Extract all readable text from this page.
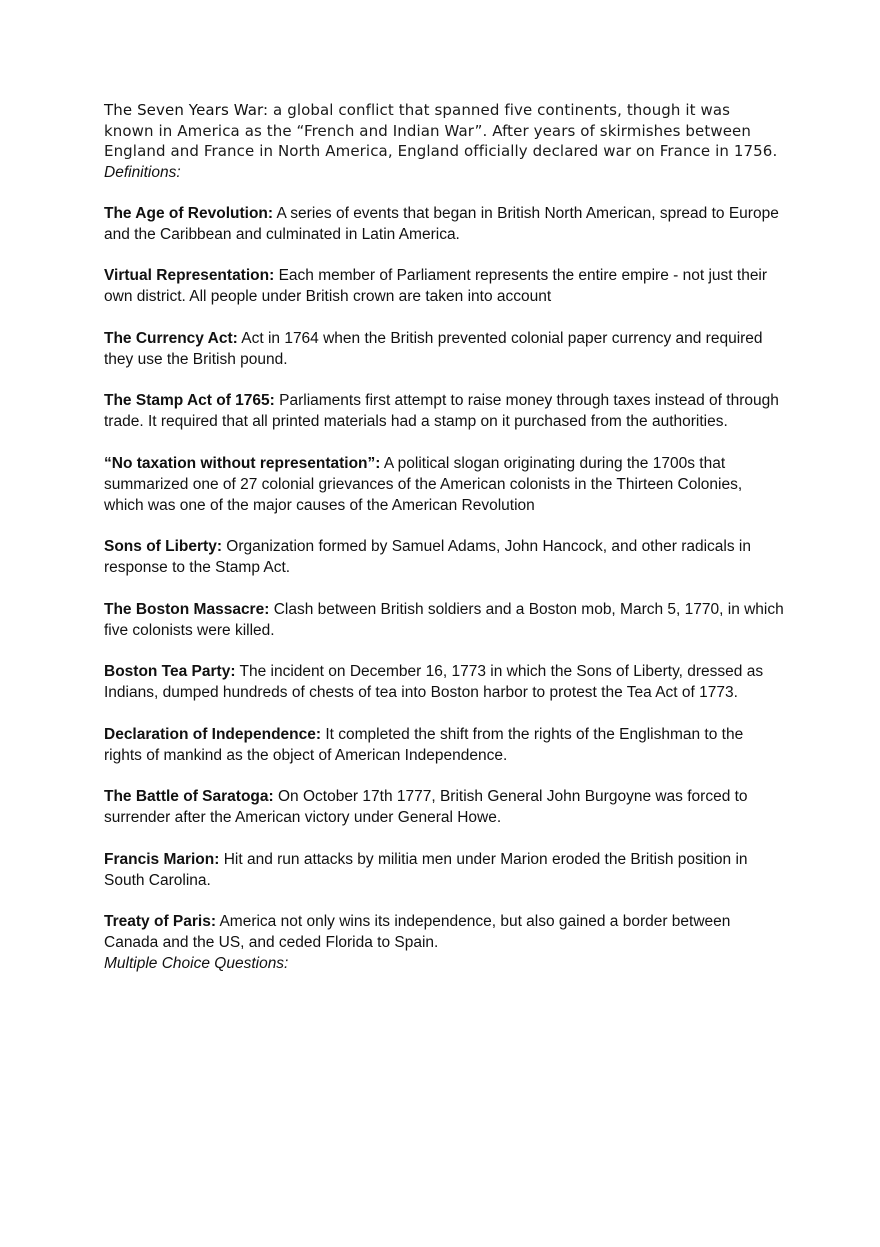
The Seven Years War: a global conflict that spanned five continents, though it was known in America as the “French and Indian War”. After years of skirmishes between England and France in North America, England officially declared war on France in 1756.

Definitions:

The Age of Revolution: A series of events that began in British North American, spread to Europe and the Caribbean and culminated in Latin America.

Virtual Representation: Each member of Parliament represents the entire empire - not just their own district. All people under British crown are taken into account

The Currency Act: Act in 1764 when the British prevented colonial paper currency and required they use the British pound.

The Stamp Act of 1765: Parliaments first attempt to raise money through taxes instead of through trade. It required that all printed materials had a stamp on it purchased from the authorities.

“No taxation without representation”: A political slogan originating during the 1700s that summarized one of 27 colonial grievances of the American colonists in the Thirteen Colonies, which was one of the major causes of the American Revolution

Sons of Liberty: Organization formed by Samuel Adams, John Hancock, and other radicals in response to the Stamp Act.

The Boston Massacre: Clash between British soldiers and a Boston mob, March 5, 1770, in which five colonists were killed.

Boston Tea Party: The incident on December 16, 1773 in which the Sons of Liberty, dressed as Indians, dumped hundreds of chests of tea into Boston harbor to protest the Tea Act of 1773.

Declaration of Independence: It completed the shift from the rights of the Englishman to the rights of mankind as the object of American Independence.

The Battle of Saratoga: On October 17th 1777, British General John Burgoyne was forced to surrender after the American victory under General Howe.

Francis Marion: Hit and run attacks by militia men under Marion eroded the British position in South Carolina.

Treaty of Paris: America not only wins its independence, but also gained a border between Canada and the US, and ceded Florida to Spain.

Multiple Choice Questions:
